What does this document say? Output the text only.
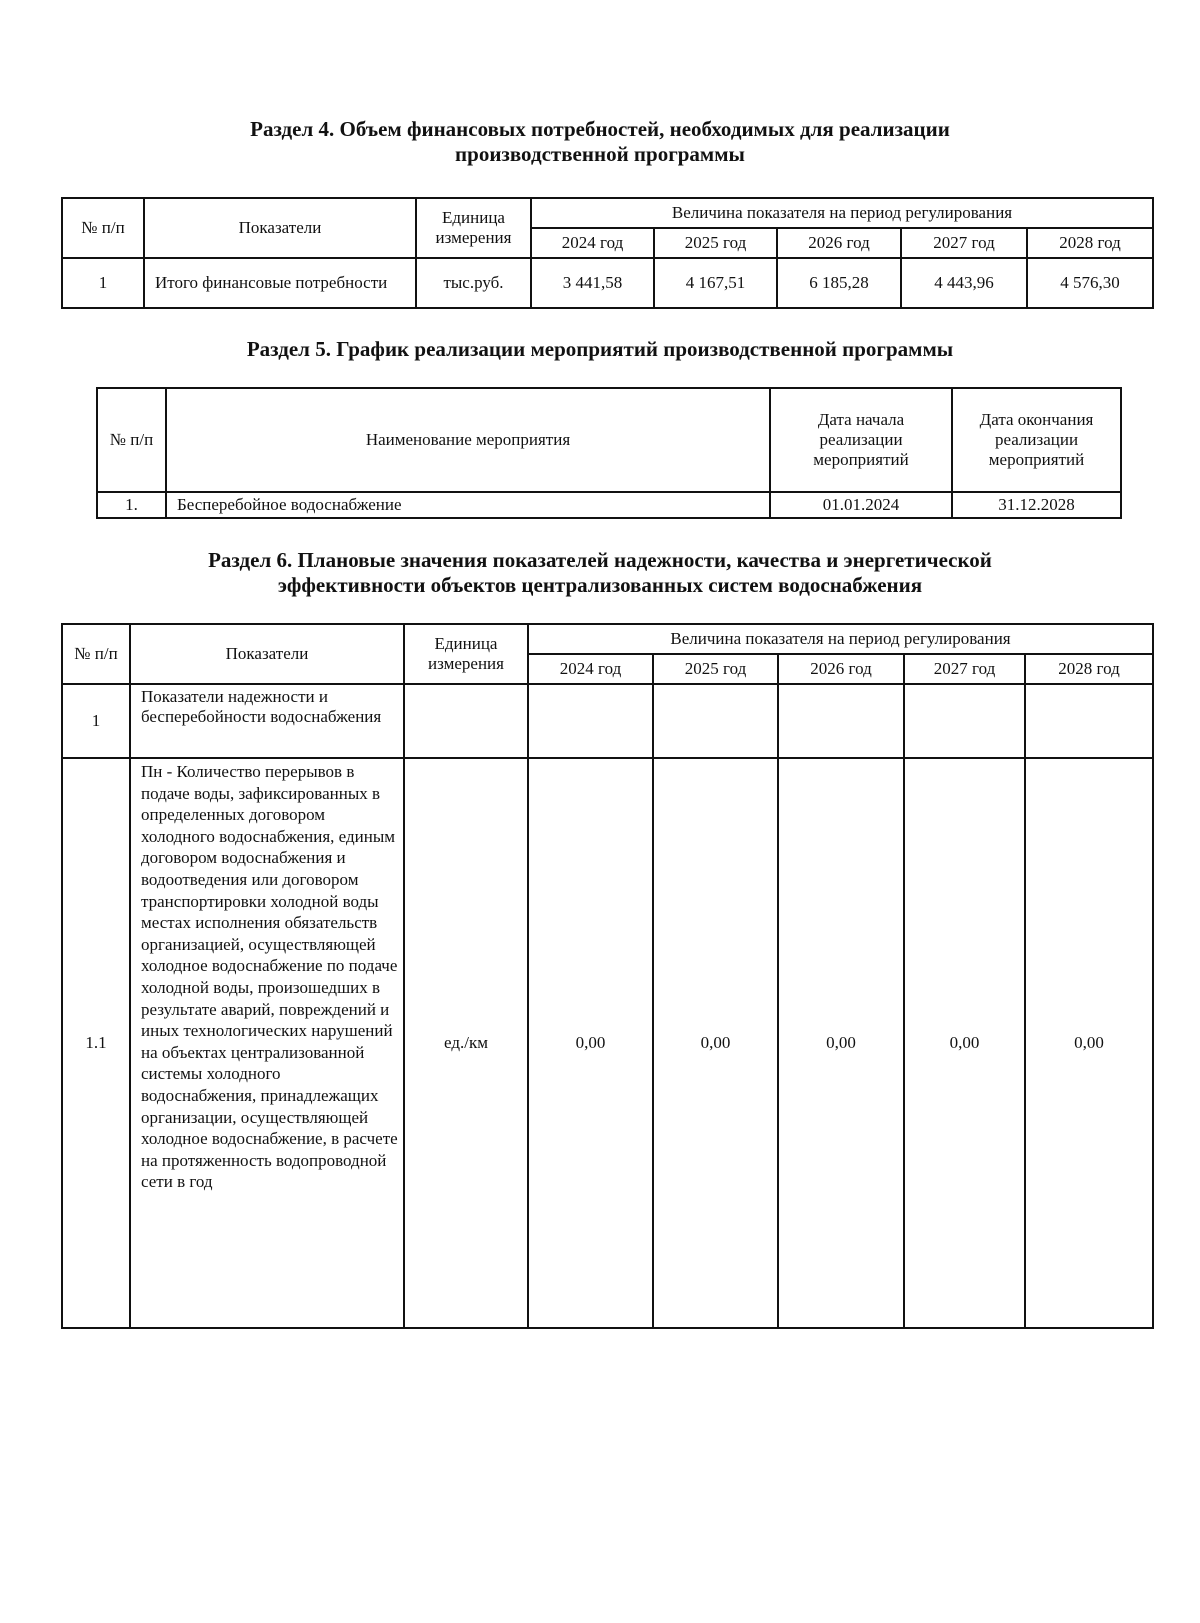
Раздел 4. Объем финансовых потребностей, необходимых для реализации
производственной программы
№ п/п	Показатели	Единица измерения	Величина показателя на период регулирования				
			2024 год	2025 год	2026 год	2027 год	2028 год
1	Итого финансовые потребности	тыс.руб.	3 441,58	4 167,51	6 185,28	4 443,96	4 576,30
Раздел 5. График реализации мероприятий производственной программы
№ п/п	Наименование мероприятия	Дата начала реализации мероприятий	Дата окончания реализации мероприятий
1.	Бесперебойное водоснабжение	01.01.2024	31.12.2028
Раздел 6. Плановые значения показателей надежности, качества и энергетической
эффективности объектов централизованных систем водоснабжения
№ п/п	Показатели	Единица измерения	Величина показателя на период регулирования				
			2024 год	2025 год	2026 год	2027 год	2028 год
1	Показатели надежности и бесперебойности водоснабжения						
1.1	Пн - Количество перерывов в подаче воды, зафиксированных в определенных договором холодного водоснабжения, единым договором водоснабжения и водоотведения или договором транспортировки холодной воды местах исполнения обязательств организацией, осуществляющей холодное водоснабжение по подаче холодной воды, произошедших в результате аварий, повреждений и иных технологических нарушений на объектах централизованной системы холодного водоснабжения, принадлежащих организации, осуществляющей холодное водоснабжение, в расчете на протяженность водопроводной сети в год	ед./км	0,00	0,00	0,00	0,00	0,00
